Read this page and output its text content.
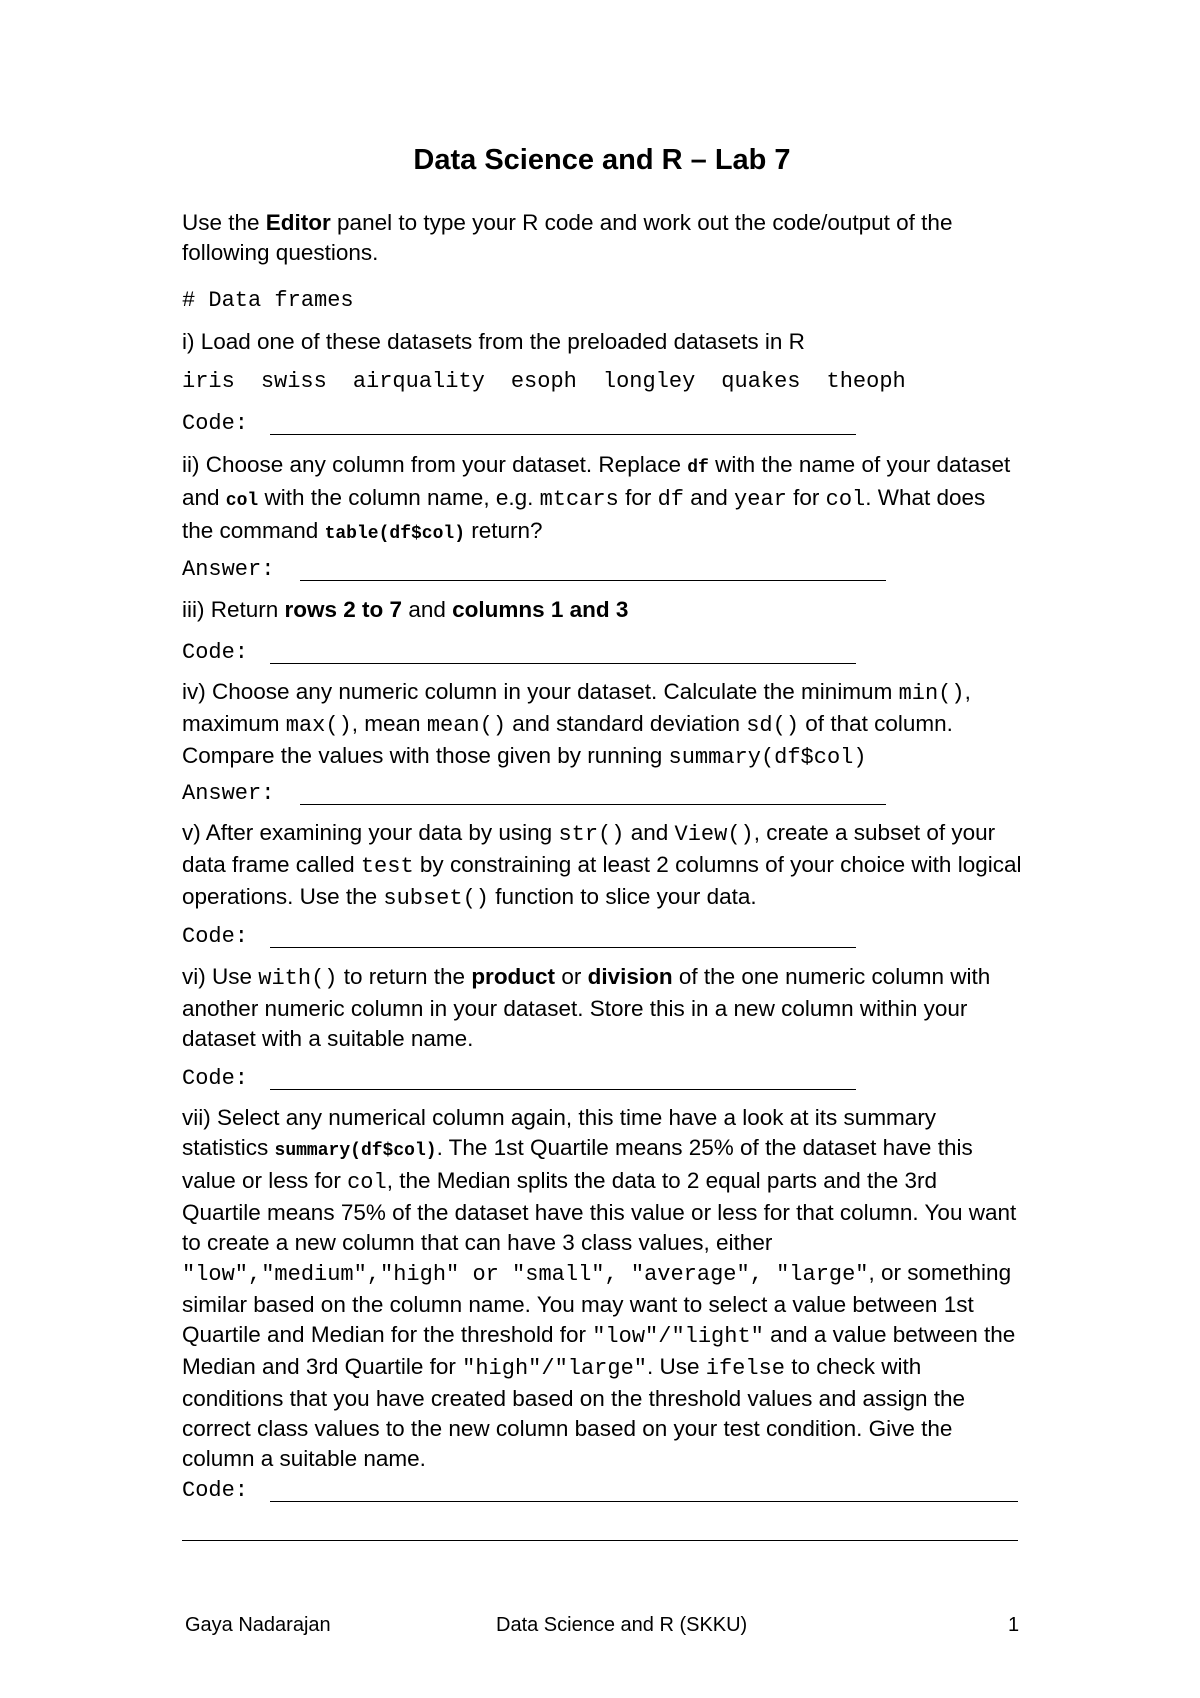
Data Science and R – Lab 7
Use the Editor panel to type your R code and work out the code/output of the following questions.
# Data frames
i) Load one of these datasets from the preloaded datasets in R
iris swiss airquality esoph longley quakes theoph
Code:
ii) Choose any column from your dataset. Replace df with the name of your dataset and col with the column name, e.g. mtcars for df and year for col. What does the command table(df$col) return?
Answer:
iii) Return rows 2 to 7 and columns 1 and 3
Code:
iv) Choose any numeric column in your dataset. Calculate the minimum min(), maximum max(), mean mean() and standard deviation sd() of that column. Compare the values with those given by running summary(df$col)
Answer:
v) After examining your data by using str() and View(), create a subset of your data frame called test by constraining at least 2 columns of your choice with logical operations. Use the subset() function to slice your data.
Code:
vi) Use with() to return the product or division of the one numeric column with another numeric column in your dataset. Store this in a new column within your dataset with a suitable name.
Code:
vii) Select any numerical column again, this time have a look at its summary statistics summary(df$col). The 1st Quartile means 25% of the dataset have this value or less for col, the Median splits the data to 2 equal parts and the 3rd Quartile means 75% of the dataset have this value or less for that column. You want to create a new column that can have 3 class values, either "low","medium","high" or "small", "average", "large", or something similar based on the column name. You may want to select a value between 1st Quartile and Median for the threshold for "low"/"light" and a value between the Median and 3rd Quartile for "high"/"large". Use ifelse to check with conditions that you have created based on the threshold values and assign the correct class values to the new column based on your test condition. Give the column a suitable name.
Code:
Gaya Nadarajan	Data Science and R (SKKU)	1
